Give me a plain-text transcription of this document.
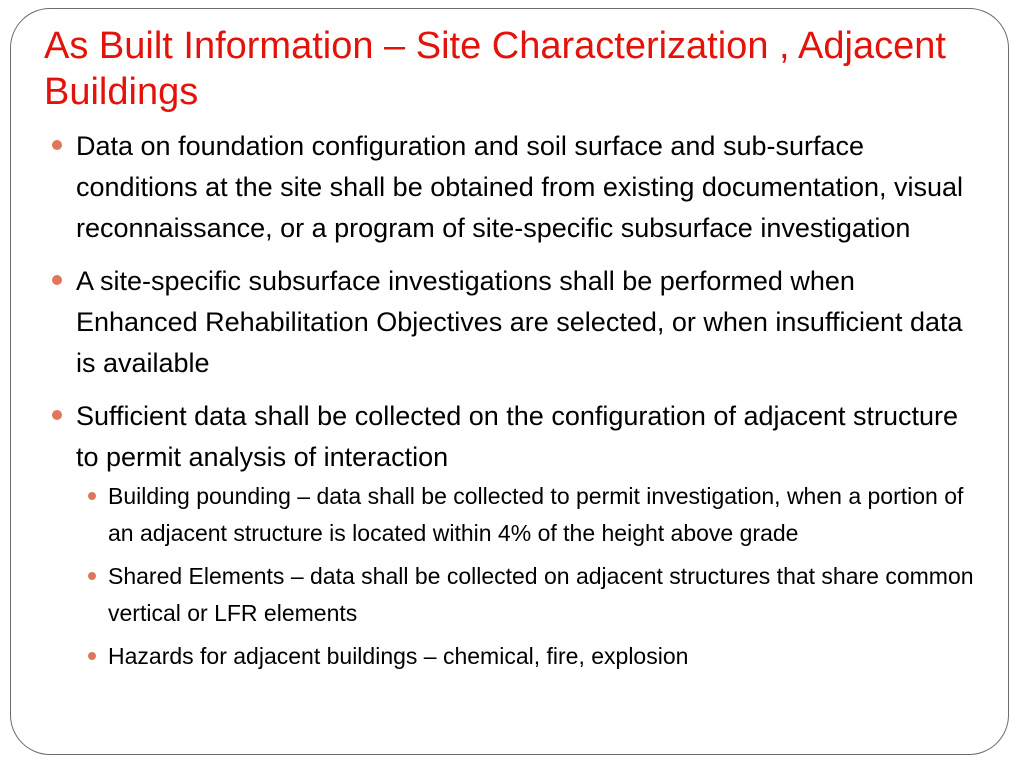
As Built Information – Site Characterization , Adjacent Buildings
Data on foundation configuration and soil surface and sub-surface conditions at the site shall be obtained from existing documentation, visual reconnaissance, or a program of site-specific subsurface investigation
A site-specific subsurface investigations shall be performed when Enhanced Rehabilitation Objectives are selected, or when insufficient data is available
Sufficient data shall be collected on the configuration of adjacent structure to permit analysis of interaction
Building pounding – data shall be collected to permit investigation, when a portion of an adjacent structure is located within 4% of the height above grade
Shared Elements – data shall be collected on adjacent structures that share common vertical or LFR elements
Hazards for adjacent buildings – chemical, fire, explosion
